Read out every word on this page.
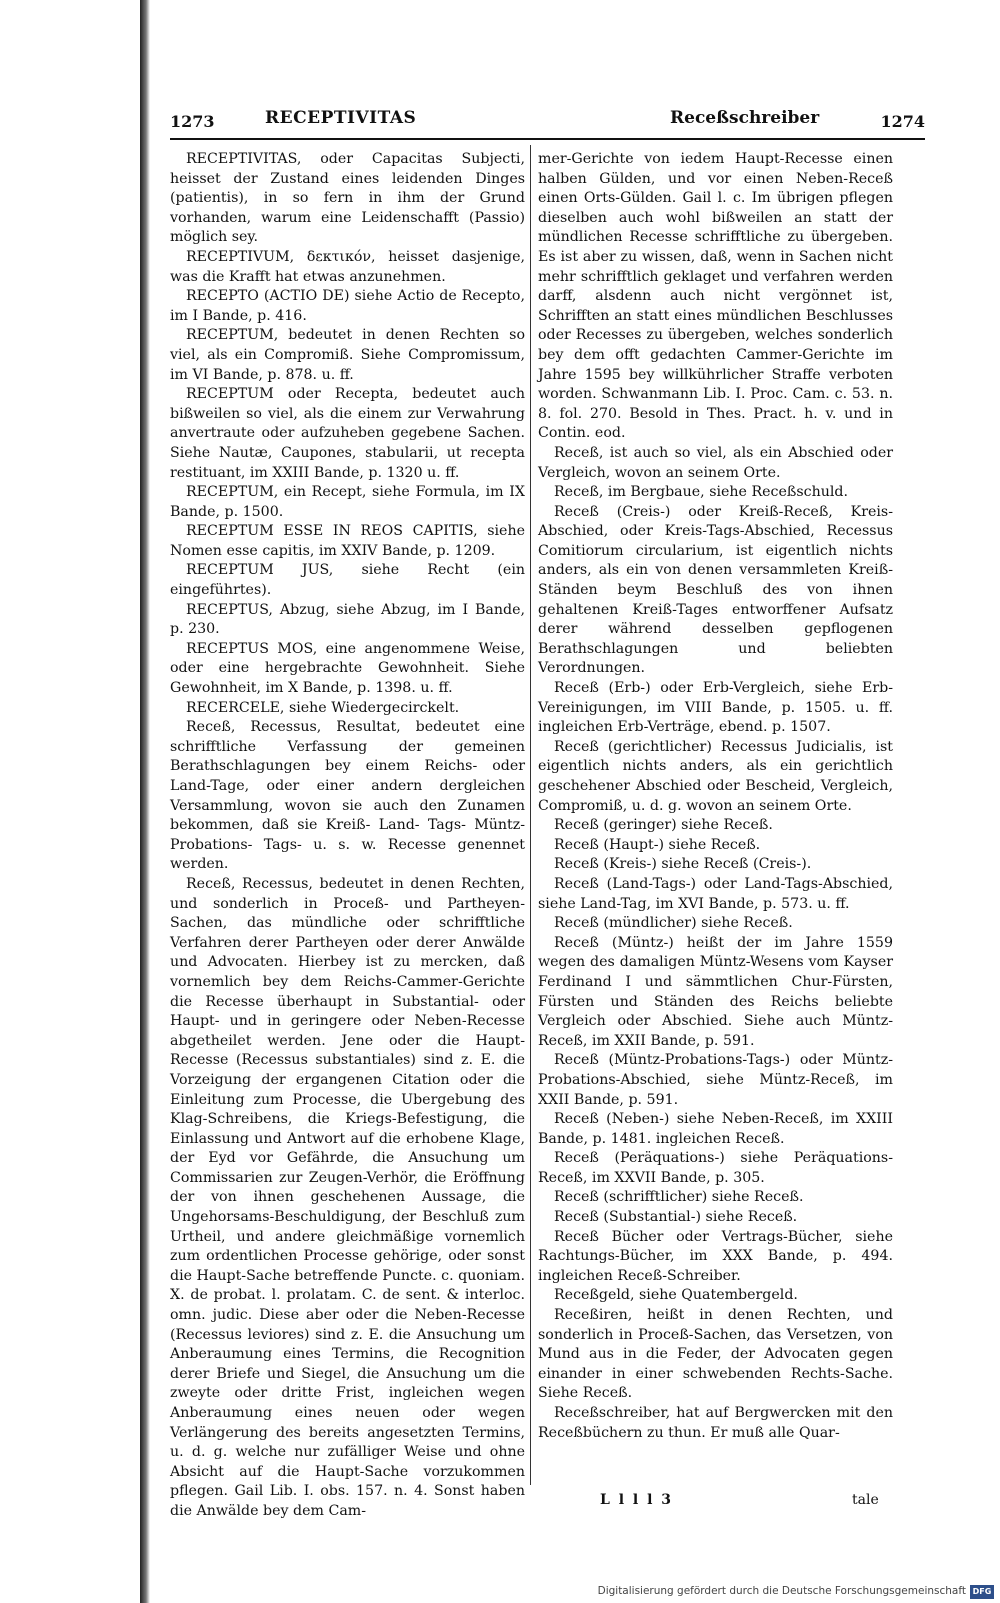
1273	RECEPTIVITAS	Receßschreiber	1274

RECEPTIVITAS, oder Capacitas Subjecti, heisset der Zustand eines leidenden Dinges (patientis), in so fern in ihm der Grund vorhanden, warum eine Leidenschafft (Passio) möglich sey.

RECEPTIVUM, δεκτικόν, heisset dasjenige, was die Krafft hat etwas anzunehmen.

RECEPTO (ACTIO DE) siehe Actio de Recepto, im I Bande, p. 416.

RECEPTUM, bedeutet in denen Rechten so viel, als ein Compromiß. Siehe Compromissum, im VI Bande, p. 878. u. ff.

RECEPTUM oder Recepta, bedeutet auch bißweilen so viel, als die einem zur Verwahrung anvertraute oder aufzuheben gegebene Sachen. Siehe Nautæ, Caupones, stabularii, ut recepta restituant, im XXIII Bande, p. 1320 u. ff.

RECEPTUM, ein Recept, siehe Formula, im IX Bande, p. 1500.

RECEPTUM ESSE IN REOS CAPITIS, siehe Nomen esse capitis, im XXIV Bande, p. 1209.

RECEPTUM JUS, siehe Recht (ein eingeführtes).

RECEPTUS, Abzug, siehe Abzug, im I Bande, p. 230.

RECEPTUS MOS, eine angenommene Weise, oder eine hergebrachte Gewohnheit. Siehe Gewohnheit, im X Bande, p. 1398. u. ff.

RECERCELE, siehe Wiedergecirckelt.

Receß, Recessus, Resultat, bedeutet eine schrifftliche Verfassung der gemeinen Berathschlagungen bey einem Reichs- oder Land-Tage, oder einer andern dergleichen Versammlung, wovon sie auch den Zunamen bekommen, daß sie Kreiß- Land- Tags- Müntz- Probations- Tags- u. s. w. Recesse genennet werden.

Receß, Recessus, bedeutet in denen Rechten, und sonderlich in Proceß- und Partheyen-Sachen, das mündliche oder schrifftliche Verfahren derer Partheyen oder derer Anwälde und Advocaten. Hierbey ist zu mercken, daß vornemlich bey dem Reichs-Cammer-Gerichte die Recesse überhaupt in Substantial- oder Haupt- und in geringere oder Neben-Recesse abgetheilet werden. Jene oder die Haupt-Recesse (Recessus substantiales) sind z. E. die Vorzeigung der ergangenen Citation oder die Einleitung zum Processe, die Ubergebung des Klag-Schreibens, die Kriegs-Befestigung, die Einlassung und Antwort auf die erhobene Klage, der Eyd vor Gefährde, die Ansuchung um Commissarien zur Zeugen-Verhör, die Eröffnung der von ihnen geschehenen Aussage, die Ungehorsams-Beschuldigung, der Beschluß zum Urtheil, und andere gleichmäßige vornemlich zum ordentlichen Processe gehörige, oder sonst die Haupt-Sache betreffende Puncte. c. quoniam. X. de probat. l. prolatam. C. de sent. & interloc. omn. judic. Diese aber oder die Neben-Recesse (Recessus leviores) sind z. E. die Ansuchung um Anberaumung eines Termins, die Recognition derer Briefe und Siegel, die Ansuchung um die zweyte oder dritte Frist, ingleichen wegen Anberaumung eines neuen oder wegen Verlängerung des bereits angesetzten Termins, u. d. g. welche nur zufälliger Weise und ohne Absicht auf die Haupt-Sache vorzukommen pflegen. Gail Lib. I. obs. 157. n. 4. Sonst haben die Anwälde bey dem Cam-

mer-Gerichte von iedem Haupt-Recesse einen halben Gülden, und vor einen Neben-Receß einen Orts-Gülden. Gail l. c. Im übrigen pflegen dieselben auch wohl bißweilen an statt der mündlichen Recesse schrifftliche zu übergeben. Es ist aber zu wissen, daß, wenn in Sachen nicht mehr schrifftlich geklaget und verfahren werden darff, alsdenn auch nicht vergönnet ist, Schrifften an statt eines mündlichen Beschlusses oder Recesses zu übergeben, welches sonderlich bey dem offt gedachten Cammer-Gerichte im Jahre 1595 bey willkührlicher Straffe verboten worden. Schwanmann Lib. I. Proc. Cam. c. 53. n. 8. fol. 270. Besold in Thes. Pract. h. v. und in Contin. eod.

Receß, ist auch so viel, als ein Abschied oder Vergleich, wovon an seinem Orte.

Receß, im Bergbaue, siehe Receßschuld.

Receß (Creis-) oder Kreiß-Receß, Kreis-Abschied, oder Kreis-Tags-Abschied, Recessus Comitiorum circularium, ist eigentlich nichts anders, als ein von denen versammleten Kreiß-Ständen beym Beschluß des von ihnen gehaltenen Kreiß-Tages entworffener Aufsatz derer während desselben gepflogenen Berathschlagungen und beliebten Verordnungen.

Receß (Erb-) oder Erb-Vergleich, siehe Erb-Vereinigungen, im VIII Bande, p. 1505. u. ff. ingleichen Erb-Verträge, ebend. p. 1507.

Receß (gerichtlicher) Recessus Judicialis, ist eigentlich nichts anders, als ein gerichtlich geschehener Abschied oder Bescheid, Vergleich, Compromiß, u. d. g. wovon an seinem Orte.

Receß (geringer) siehe Receß.

Receß (Haupt-) siehe Receß.

Receß (Kreis-) siehe Receß (Creis-).

Receß (Land-Tags-) oder Land-Tags-Abschied, siehe Land-Tag, im XVI Bande, p. 573. u. ff.

Receß (mündlicher) siehe Receß.

Receß (Müntz-) heißt der im Jahre 1559 wegen des damaligen Müntz-Wesens vom Kayser Ferdinand I und sämmtlichen Chur-Fürsten, Fürsten und Ständen des Reichs beliebte Vergleich oder Abschied. Siehe auch Müntz-Receß, im XXII Bande, p. 591.

Receß (Müntz-Probations-Tags-) oder Müntz-Probations-Abschied, siehe Müntz-Receß, im XXII Bande, p. 591.

Receß (Neben-) siehe Neben-Receß, im XXIII Bande, p. 1481. ingleichen Receß.

Receß (Peräquations-) siehe Peräquations-Receß, im XXVII Bande, p. 305.

Receß (schrifftlicher) siehe Receß.

Receß (Substantial-) siehe Receß.

Receß Bücher oder Vertrags-Bücher, siehe Rachtungs-Bücher, im XXX Bande, p. 494. ingleichen Receß-Schreiber.

Receßgeld, siehe Quatembergeld.

Receßiren, heißt in denen Rechten, und sonderlich in Proceß-Sachen, das Versetzen, von Mund aus in die Feder, der Advocaten gegen einander in einer schwebenden Rechts-Sache. Siehe Receß.

Receßschreiber, hat auf Bergwercken mit den Receßbüchern zu thun. Er muß alle Quar-

L l l l 3	tale
Digitalisierung gefördert durch die Deutsche Forschungsgemeinschaft DFG
